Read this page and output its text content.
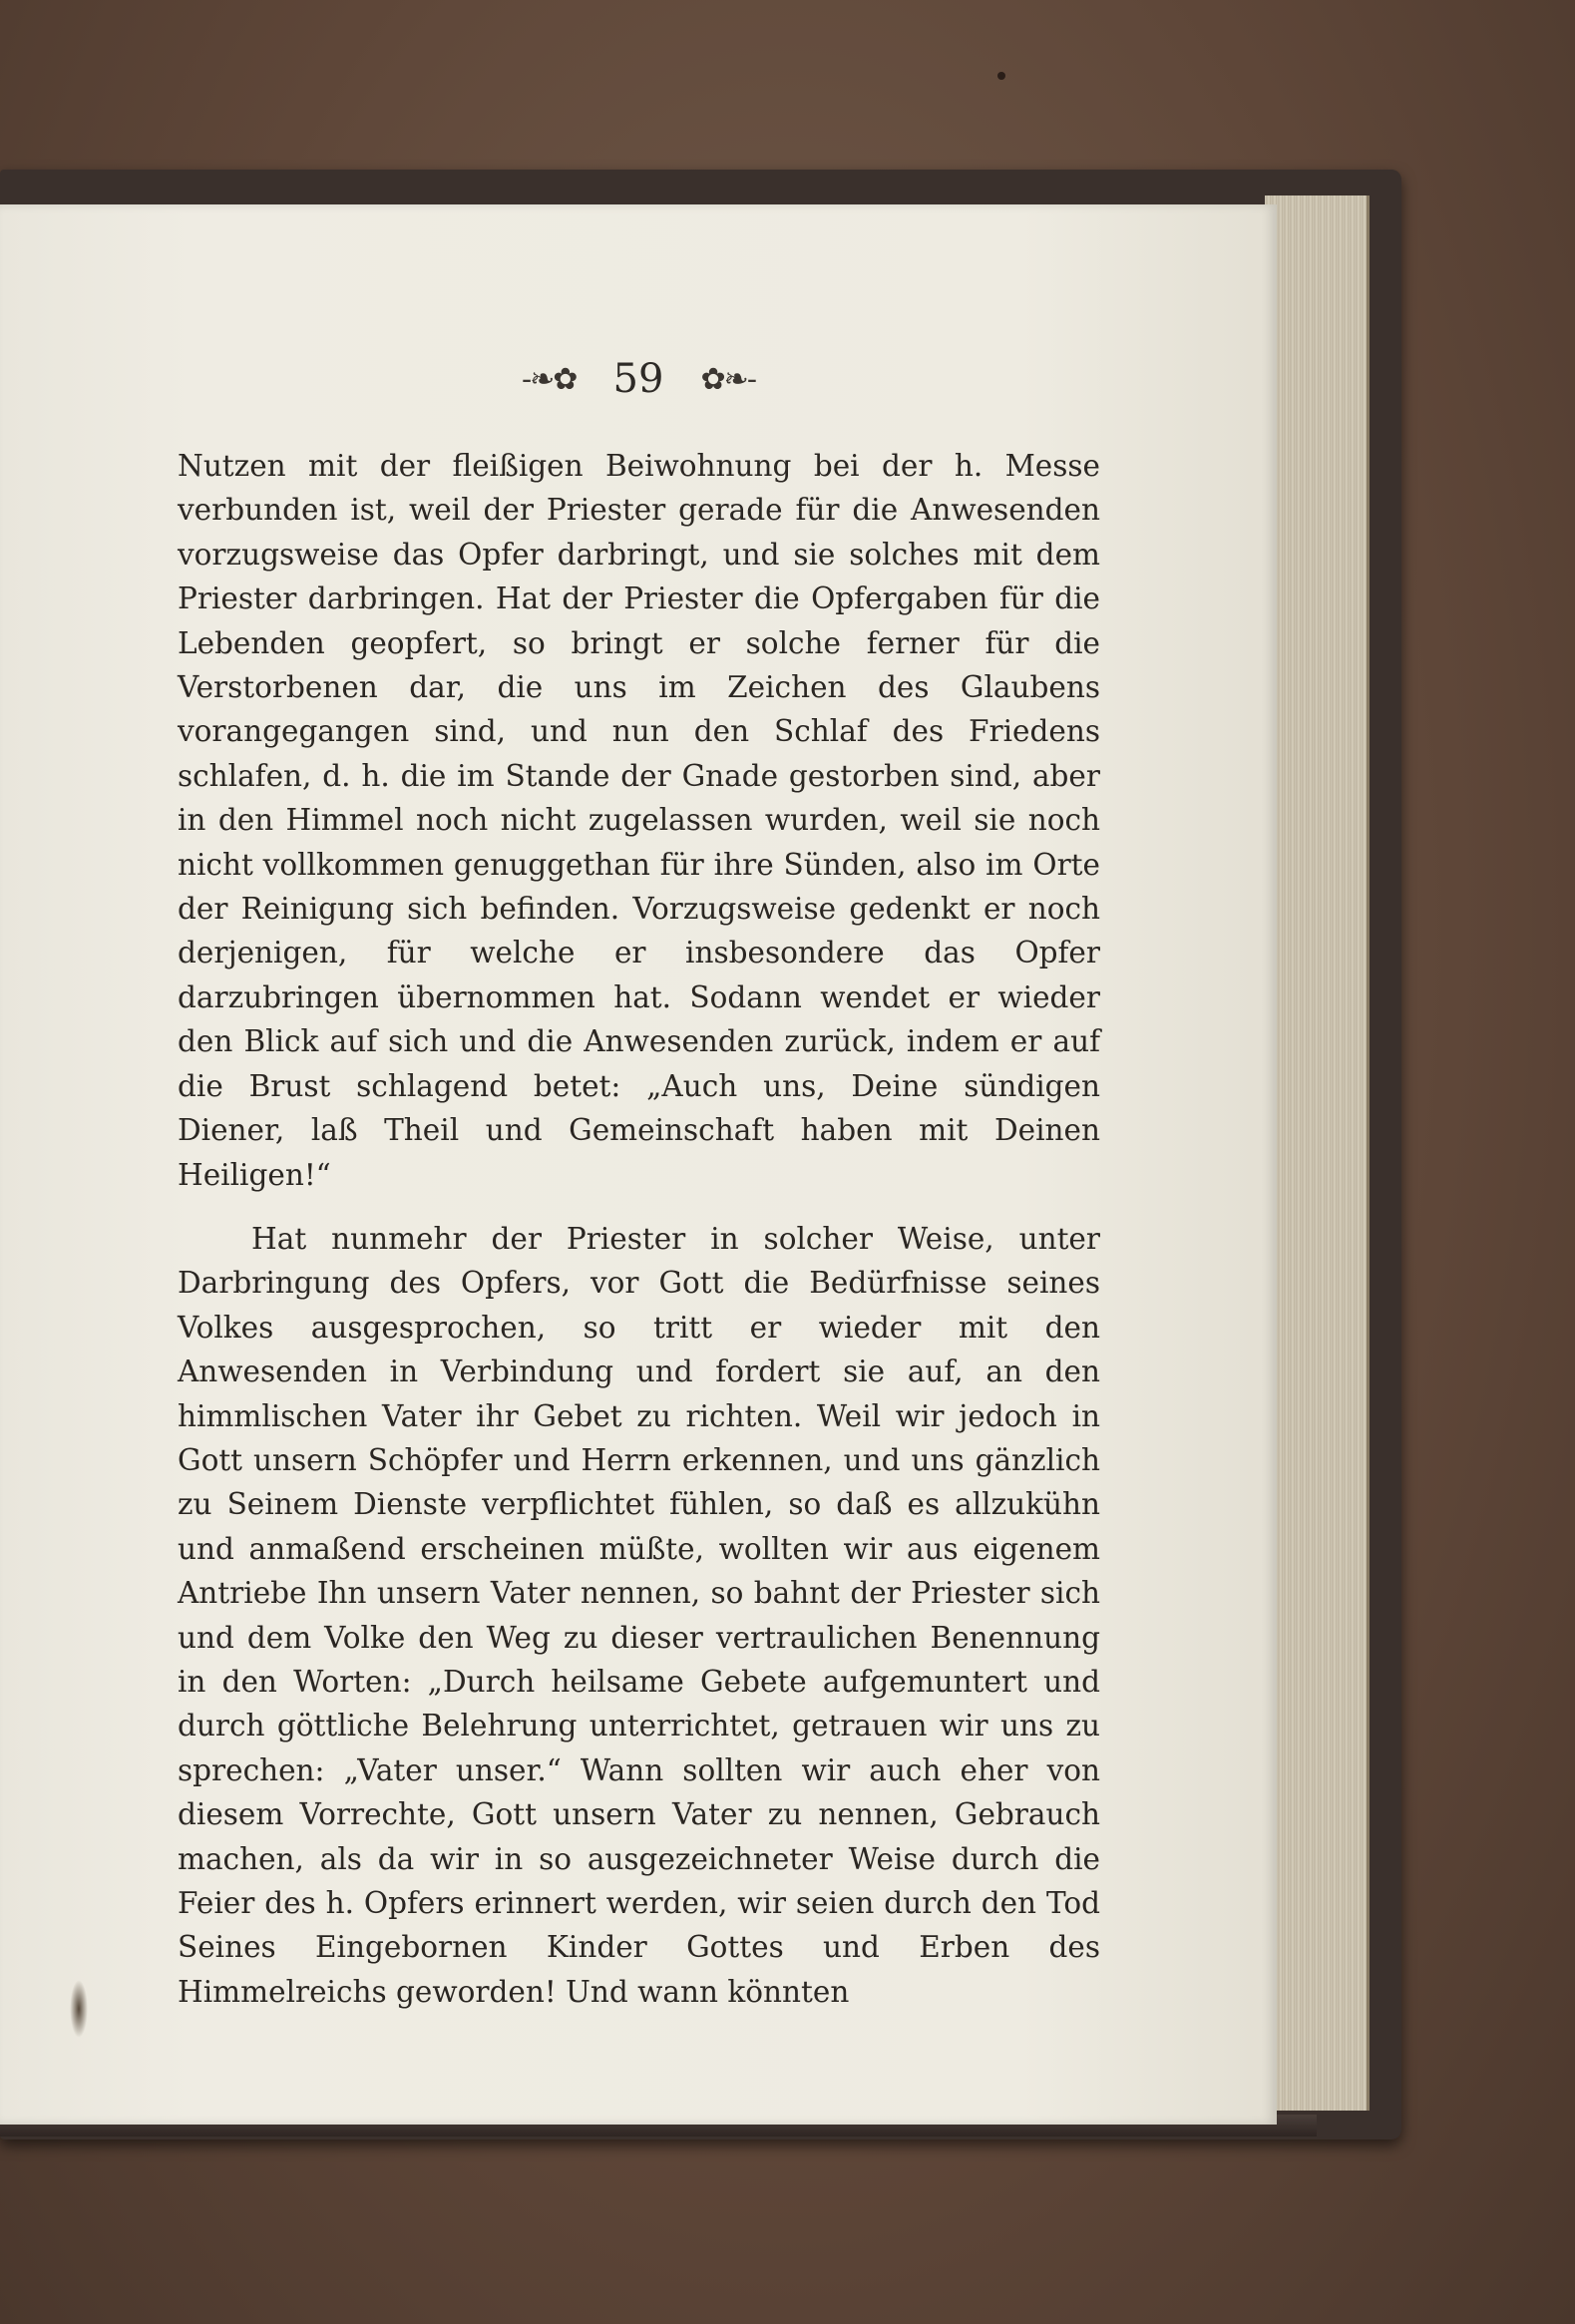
-❧✿ 59 ✿❧-

Nutzen mit der fleißigen Beiwohnung bei der h. Messe verbunden ist, weil der Priester gerade für die Anwesenden vorzugsweise das Opfer darbringt, und sie solches mit dem Priester darbringen. Hat der Priester die Opfergaben für die Lebenden geopfert, so bringt er solche ferner für die Verstorbenen dar, die uns im Zeichen des Glaubens vorangegangen sind, und nun den Schlaf des Friedens schlafen, d. h. die im Stande der Gnade gestorben sind, aber in den Himmel noch nicht zugelassen wurden, weil sie noch nicht vollkommen genuggethan für ihre Sünden, also im Orte der Reinigung sich befinden. Vorzugsweise gedenkt er noch derjenigen, für welche er insbesondere das Opfer darzubringen übernommen hat. Sodann wendet er wieder den Blick auf sich und die Anwesenden zurück, indem er auf die Brust schlagend betet: „Auch uns, Deine sündigen Diener, laß Theil und Gemeinschaft haben mit Deinen Heiligen!“

Hat nunmehr der Priester in solcher Weise, unter Darbringung des Opfers, vor Gott die Bedürfnisse seines Volkes ausgesprochen, so tritt er wieder mit den Anwesenden in Verbindung und fordert sie auf, an den himmlischen Vater ihr Gebet zu richten. Weil wir jedoch in Gott unsern Schöpfer und Herrn erkennen, und uns gänzlich zu Seinem Dienste verpflichtet fühlen, so daß es allzukühn und anmaßend erscheinen müßte, wollten wir aus eigenem Antriebe Ihn unsern Vater nennen, so bahnt der Priester sich und dem Volke den Weg zu dieser vertraulichen Benennung in den Worten: „Durch heilsame Gebete aufgemuntert und durch göttliche Belehrung unterrichtet, getrauen wir uns zu sprechen: „Vater unser.“ Wann sollten wir auch eher von diesem Vorrechte, Gott unsern Vater zu nennen, Gebrauch machen, als da wir in so ausgezeichneter Weise durch die Feier des h. Opfers erinnert werden, wir seien durch den Tod Seines Eingebornen Kinder Gottes und Erben des Himmelreichs geworden! Und wann könnten
